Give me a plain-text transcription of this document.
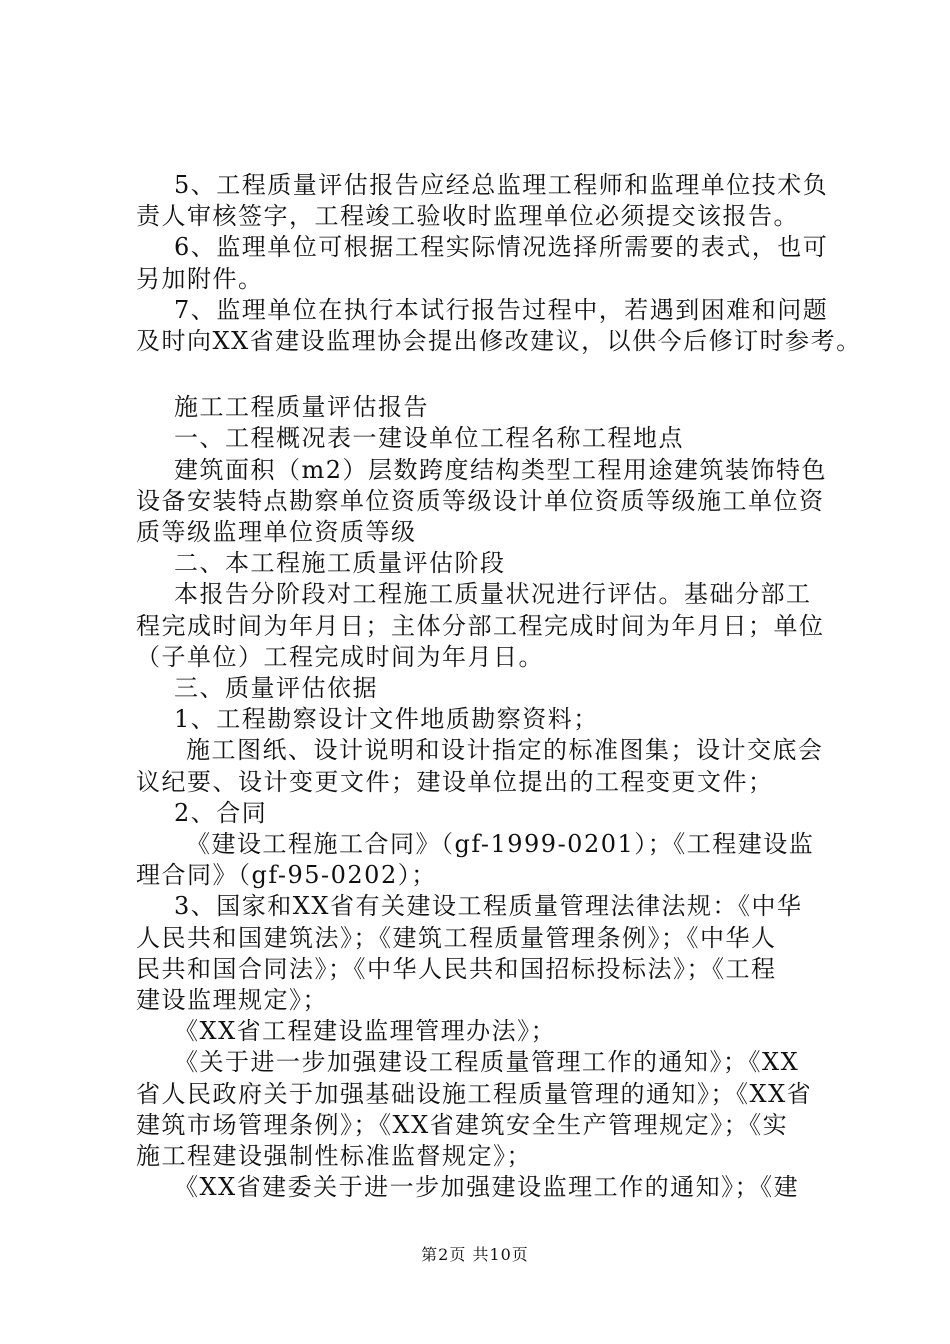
5、工程质量评估报告应经总监理工程师和监理单位技术负
责人审核签字，工程竣工验收时监理单位必须提交该报告。
6、监理单位可根据工程实际情况选择所需要的表式，也可
另加附件。
7、监理单位在执行本试行报告过程中，若遇到困难和问题
及时向XX省建设监理协会提出修改建议，以供今后修订时参考。
施工工程质量评估报告
一、工程概况表一建设单位工程名称工程地点
建筑面积（m2）层数跨度结构类型工程用途建筑装饰特色
设备安装特点勘察单位资质等级设计单位资质等级施工单位资
质等级监理单位资质等级
二、本工程施工质量评估阶段
本报告分阶段对工程施工质量状况进行评估。基础分部工
程完成时间为年月日；主体分部工程完成时间为年月日；单位
（子单位）工程完成时间为年月日。
三、质量评估依据
1、工程勘察设计文件地质勘察资料；
施工图纸、设计说明和设计指定的标准图集；设计交底会
议纪要、设计变更文件；建设单位提出的工程变更文件；
2、合同
《建设工程施工合同》（gf-1999-0201）；《工程建设监
理合同》（gf-95-0202）；
3、国家和XX省有关建设工程质量管理法律法规：《中华
人民共和国建筑法》；《建筑工程质量管理条例》；《中华人
民共和国合同法》；《中华人民共和国招标投标法》；《工程
建设监理规定》；
《XX省工程建设监理管理办法》；
《关于进一步加强建设工程质量管理工作的通知》；《XX
省人民政府关于加强基础设施工程质量管理的通知》；《XX省
建筑市场管理条例》；《XX省建筑安全生产管理规定》；《实
施工程建设强制性标准监督规定》；
《XX省建委关于进一步加强建设监理工作的通知》；《建
第2页 共10页
